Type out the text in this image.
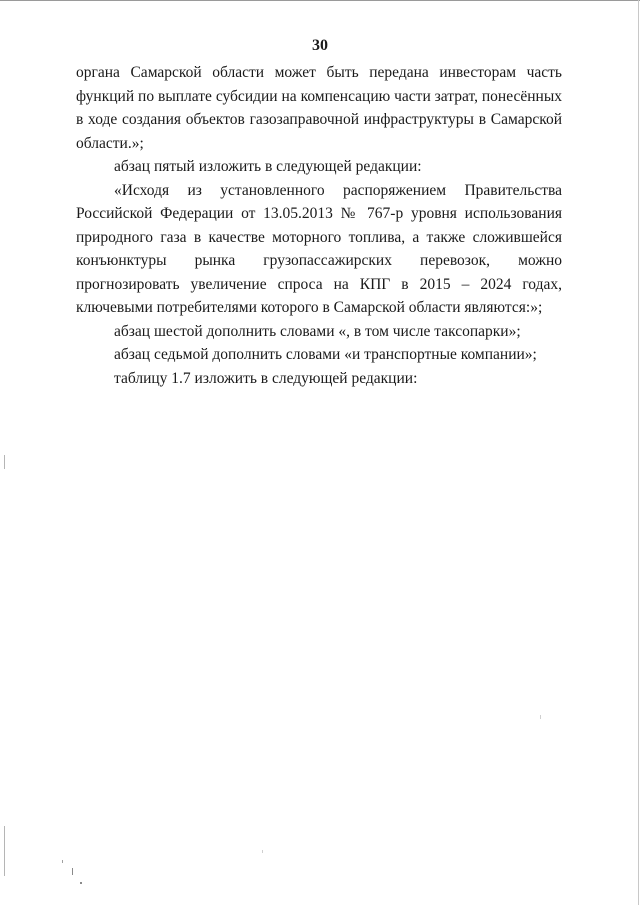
30

органа Самарской области может быть передана инвесторам часть функций по выплате субсидии на компенсацию части затрат, понесённых в ходе создания объектов газозаправочной инфраструктуры в Самарской области.»;

абзац пятый изложить в следующей редакции:

«Исходя из установленного распоряжением Правительства Российской Федерации от 13.05.2013 № 767-р уровня использования природного газа в качестве моторного топлива, а также сложившейся конъюнктуры рынка грузопассажирских перевозок, можно прогнозировать увеличение спроса на КПГ в 2015 – 2024 годах, ключевыми потребителями которого в Самарской области являются:»;

абзац шестой дополнить словами «, в том числе таксопарки»;

абзац седьмой дополнить словами «и транспортные компании»;

таблицу 1.7 изложить в следующей редакции:
